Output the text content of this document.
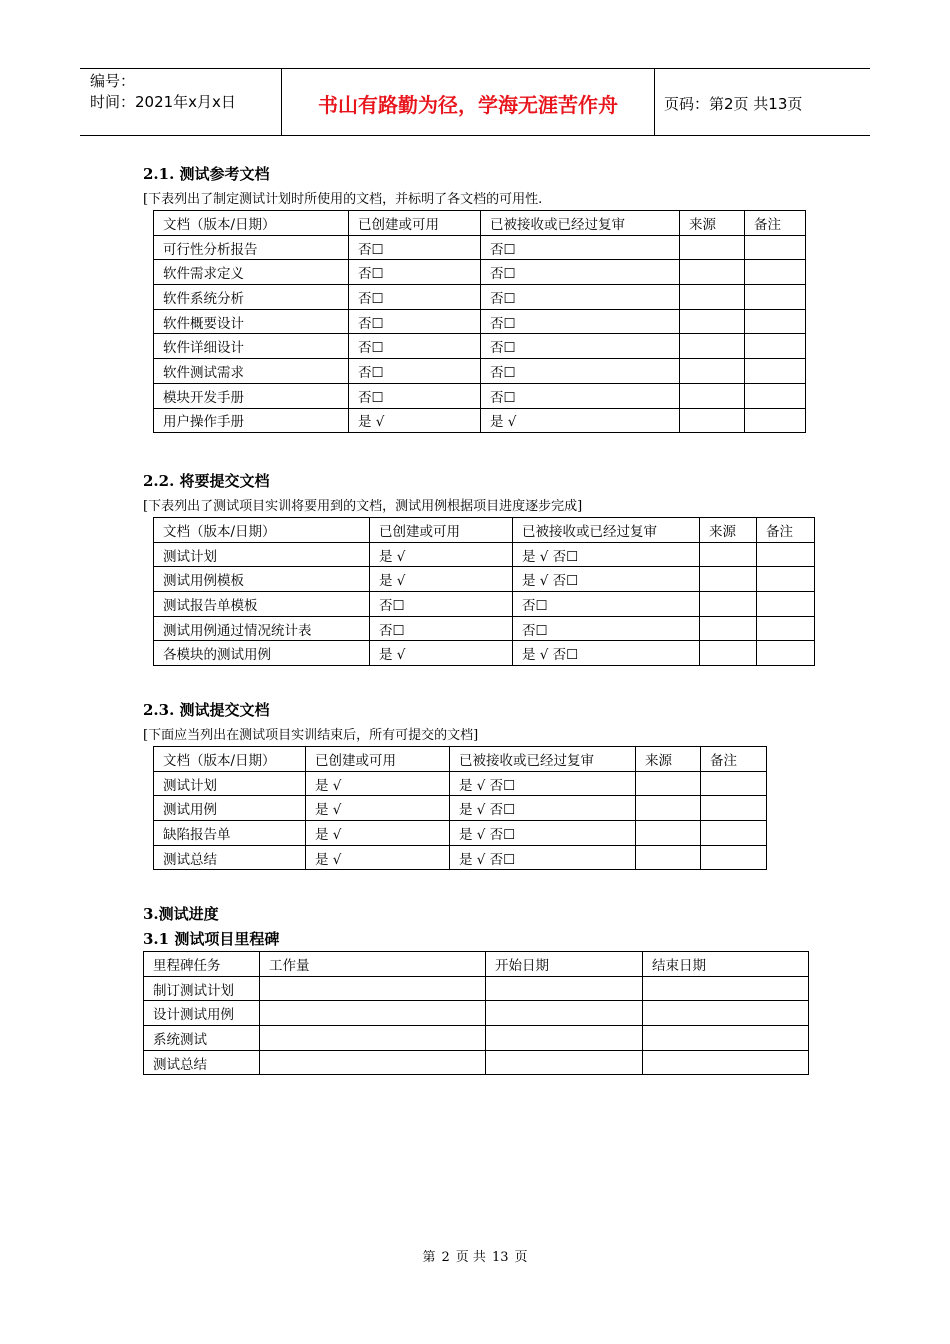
编号：
时间：2021年x月x日	书山有路勤为径，学海无涯苦作舟	页码：第2页 共13页
2.1. 测试参考文档
[下表列出了制定测试计划时所使用的文档，并标明了各文档的可用性.
文档（版本/日期）	已创建或可用	已被接收或已经过复审	来源	备注
可行性分析报告	否☐	否☐		
软件需求定义	否☐	否☐		
软件系统分析	否☐	否☐		
软件概要设计	否☐	否☐		
软件详细设计	否☐	否☐		
软件测试需求	否☐	否☐		
模块开发手册	否☐	否☐		
用户操作手册	是 √	是 √		
2.2. 将要提交文档
[下表列出了测试项目实训将要用到的文档，测试用例根据项目进度逐步完成]
文档（版本/日期）	已创建或可用	已被接收或已经过复审	来源	备注
测试计划	是 √	是 √ 否☐		
测试用例模板	是 √	是 √ 否☐		
测试报告单模板	否☐	否☐		
测试用例通过情况统计表	否☐	否☐		
各模块的测试用例	是 √	是 √ 否☐		
2.3. 测试提交文档
[下面应当列出在测试项目实训结束后，所有可提交的文档]
文档（版本/日期）	已创建或可用	已被接收或已经过复审	来源	备注
测试计划	是 √	是 √ 否☐		
测试用例	是 √	是 √ 否☐		
缺陷报告单	是 √	是 √ 否☐		
测试总结	是 √	是 √ 否☐		
3.测试进度
3.1 测试项目里程碑
里程碑任务	工作量	开始日期	结束日期
制订测试计划			
设计测试用例			
系统测试			
测试总结			
第 2 页 共 13 页
